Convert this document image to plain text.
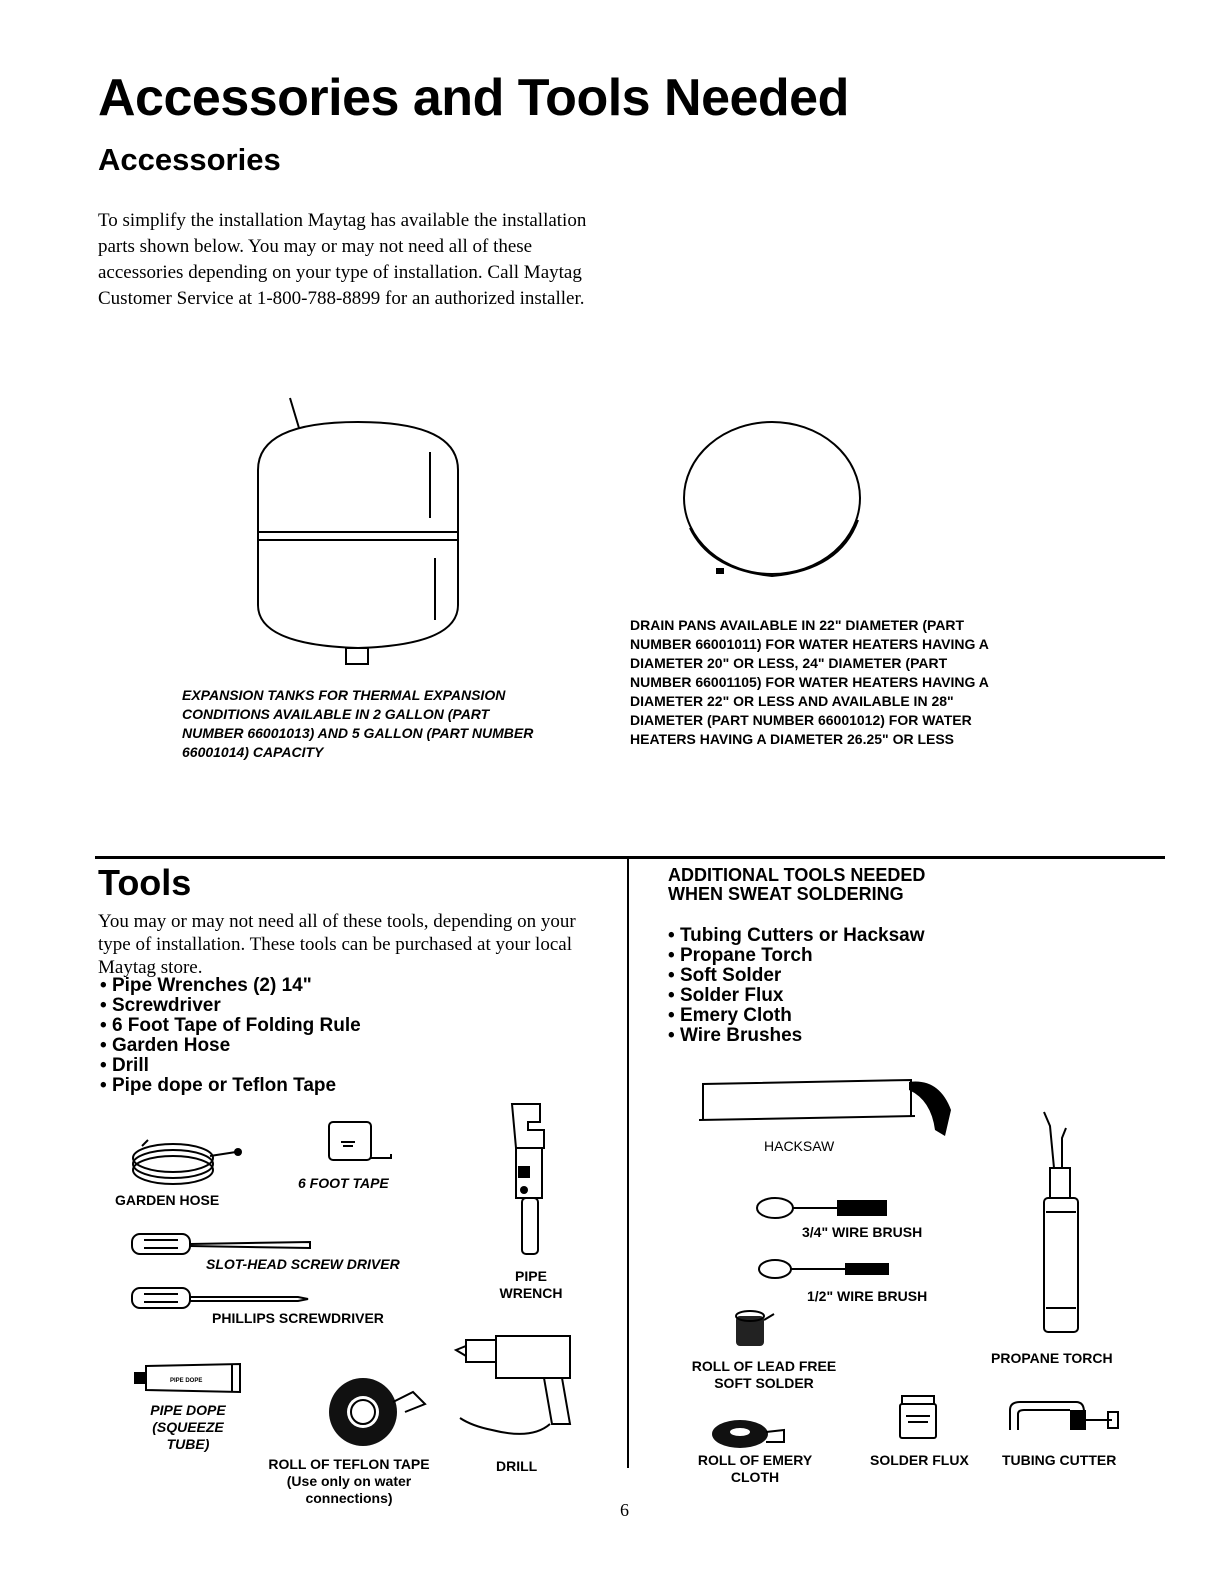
Accessories and Tools Needed
Accessories
To simplify the installation Maytag has available the installation parts shown below. You may or may not need all of these accessories depending on your type of installation. Call Maytag Customer Service at 1-800-788-8899 for an authorized installer.
EXPANSION TANKS FOR THERMAL EXPANSION CONDITIONS AVAILABLE IN 2 GALLON (PART NUMBER 66001013) AND 5 GALLON (PART NUMBER 66001014) CAPACITY
DRAIN PANS AVAILABLE IN 22" DIAMETER (PART NUMBER 66001011) FOR WATER HEATERS HAVING A DIAMETER 20" OR LESS, 24" DIAMETER (PART NUMBER 66001105) FOR WATER HEATERS HAVING A DIAMETER 22" OR LESS AND AVAILABLE IN 28" DIAMETER (PART NUMBER 66001012) FOR WATER HEATERS HAVING A DIAMETER 26.25" OR LESS
Tools
You may or may not need all of these tools, depending on your type of installation. These tools can be purchased at your local Maytag store.
• Pipe Wrenches (2) 14"
• Screwdriver
• 6 Foot Tape of Folding Rule
• Garden Hose
• Drill
• Pipe dope or Teflon Tape
GARDEN HOSE
6 FOOT TAPE
PIPE WRENCH
SLOT-HEAD SCREW DRIVER
PHILLIPS SCREWDRIVER
PIPE DOPE
PIPE DOPE (SQUEEZE TUBE)
ROLL OF TEFLON TAPE
(Use only on water connections)
DRILL
6
ADDITIONAL TOOLS NEEDED
WHEN SWEAT SOLDERING
• Tubing Cutters or Hacksaw
• Propane Torch
• Soft Solder
• Solder Flux
• Emery Cloth
• Wire Brushes
HACKSAW
3/4" WIRE BRUSH
1/2" WIRE BRUSH
PROPANE TORCH
ROLL OF LEAD FREE SOFT SOLDER
ROLL OF EMERY CLOTH
SOLDER FLUX TUBING CUTTER
